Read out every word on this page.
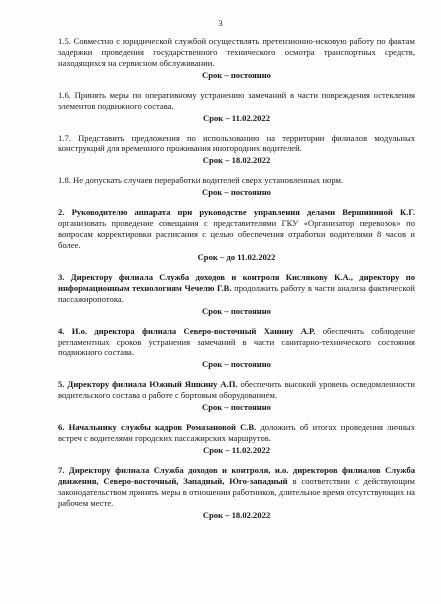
3

1.5. Совместно с юридической службой осуществлять претензионно-исковую работу по фактам задержки проведения государственного технического осмотра транспортных средств, находящихся на сервисном обслуживании.

Срок – постоянно

1.6. Принять меры по оперативному устранению замечаний в части повреждения остекления элементов подвижного состава.

Срок – 11.02.2022

1.7. Представить предложения по использованию на территории филиалов модульных конструкций для временного проживания иногородних водителей.

Срок – 18.02.2022

1.8. Не допускать случаев переработки водителей сверх установленных норм.

Срок – постоянно

2. Руководителю аппарата при руководстве управления делами Вершининой К.Г. организовать проведение совещания с представителями ГКУ «Организатор перевозок» по вопросам корректировки расписания с целью обеспечения отработки водителями 8 часов и более.

Срок – до 11.02.2022

3. Директору филиала Служба доходов и контроля Кислякову К.А., директору по информационным технологиям Чечелю Г.В. продолжить работу в части анализа фактической пассажиропотока.

Срок – постоянно

4. И.о. директора филиала Северо-восточный Ханину А.Р. обеспечить соблюдение регламентных сроков устранения замечаний в части санитарно-технического состояния подвижного состава.

Срок – постоянно

5. Директору филиала Южный Яшкину А.П. обеспечить высокий уровень осведомленности водительского состава о работе с бортовым оборудованием.

Срок – постоянно

6. Начальнику службы кадров Ромазановой С.В. доложить об итогах проведения личных встреч с водителями городских пассажирских маршрутов.

Срок – 11.02.2022

7. Директору филиала Служба доходов и контроля, и.о. директоров филиалов Служба движения, Северо-восточный, Западный, Юго-западный в соответствии с действующим законодательством принять меры в отношении работников, длительное время отсутствующих на рабочем месте.

Срок – 18.02.2022
